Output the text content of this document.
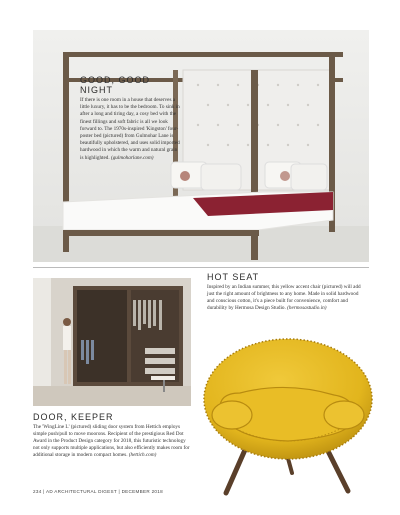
GOOD, GOOD
NIGHT

If there is one room in a house that deserves a little luxury, it has to be the bedroom. To sink in after a long and tiring day, a cosy bed with the finest fillings and soft fabric is all we look forward to. The 1970s-inspired 'Kingston' four-poster bed (pictured) from Gulmohar Lane is beautifully upholstered, and uses solid imported hardwood in which the warm and natural grain is highlighted. (gulmoharlane.com)

DOOR, KEEPER

The 'WingLine L' (pictured) sliding door system from Hettich employs simple push/pull to move moorons. Recipient of the prestigious Red Dot Award in the Product Design category for 2018, this futuristic technology not only supports multiple applications, but also efficiently makes room for additional storage in modern compact homes. (hettich.com)

HOT SEAT

Inspired by an Indian summer, this yellow accent chair (pictured) will add just the right amount of brightness to any home. Made in solid hardwood and conscious cotton, it's a piece built for convenience, comfort and durability by Hermosa Design Studio. (hermosastudio.in)

234 | AD ARCHITECTURAL DIGEST | DECEMBER 2018
